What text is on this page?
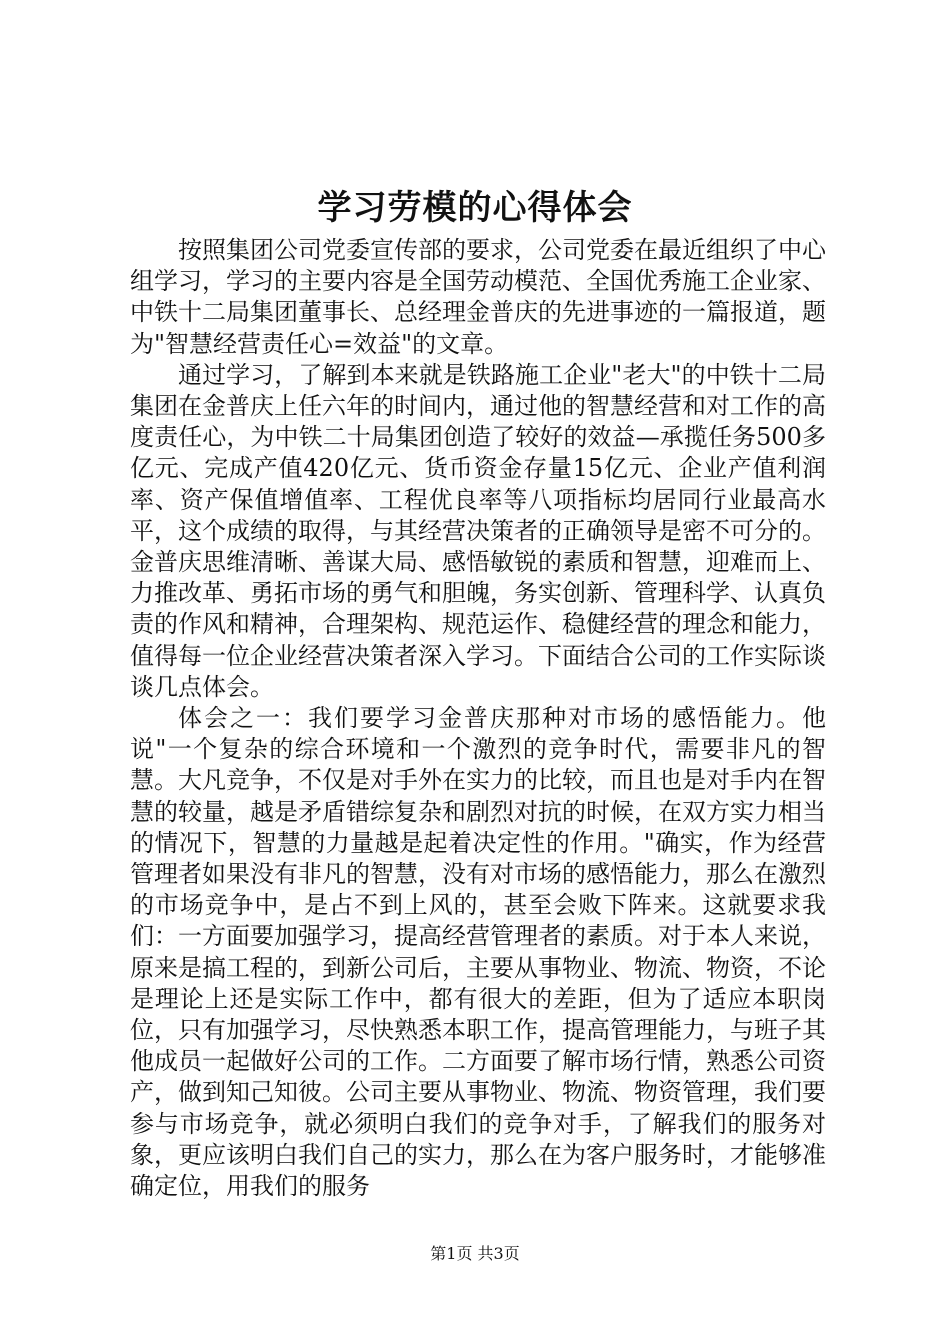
学习劳模的心得体会

按照集团公司党委宣传部的要求，公司党委在最近组织了中心组学习，学习的主要内容是全国劳动模范、全国优秀施工企业家、中铁十二局集团董事长、总经理金普庆的先进事迹的一篇报道，题为"智慧经营责任心=效益"的文章。

通过学习，了解到本来就是铁路施工企业"老大"的中铁十二局集团在金普庆上任六年的时间内，通过他的智慧经营和对工作的高度责任心，为中铁二十局集团创造了较好的效益—承揽任务500多亿元、完成产值420亿元、货币资金存量15亿元、企业产值利润率、资产保值增值率、工程优良率等八项指标均居同行业最高水平，这个成绩的取得，与其经营决策者的正确领导是密不可分的。金普庆思维清晰、善谋大局、感悟敏锐的素质和智慧，迎难而上、力推改革、勇拓市场的勇气和胆魄，务实创新、管理科学、认真负责的作风和精神，合理架构、规范运作、稳健经营的理念和能力，值得每一位企业经营决策者深入学习。下面结合公司的工作实际谈谈几点体会。

体会之一：我们要学习金普庆那种对市场的感悟能力。他说"一个复杂的综合环境和一个激烈的竞争时代，需要非凡的智慧。大凡竞争，不仅是对手外在实力的比较，而且也是对手内在智慧的较量，越是矛盾错综复杂和剧烈对抗的时候，在双方实力相当的情况下，智慧的力量越是起着决定性的作用。"确实，作为经营管理者如果没有非凡的智慧，没有对市场的感悟能力，那么在激烈的市场竞争中，是占不到上风的，甚至会败下阵来。这就要求我们：一方面要加强学习，提高经营管理者的素质。对于本人来说，原来是搞工程的，到新公司后，主要从事物业、物流、物资，不论是理论上还是实际工作中，都有很大的差距，但为了适应本职岗位，只有加强学习，尽快熟悉本职工作，提高管理能力，与班子其他成员一起做好公司的工作。二方面要了解市场行情，熟悉公司资产，做到知己知彼。公司主要从事物业、物流、物资管理，我们要参与市场竞争，就必须明白我们的竞争对手，了解我们的服务对象，更应该明白我们自己的实力，那么在为客户服务时，才能够准确定位，用我们的服务

第1页 共3页
